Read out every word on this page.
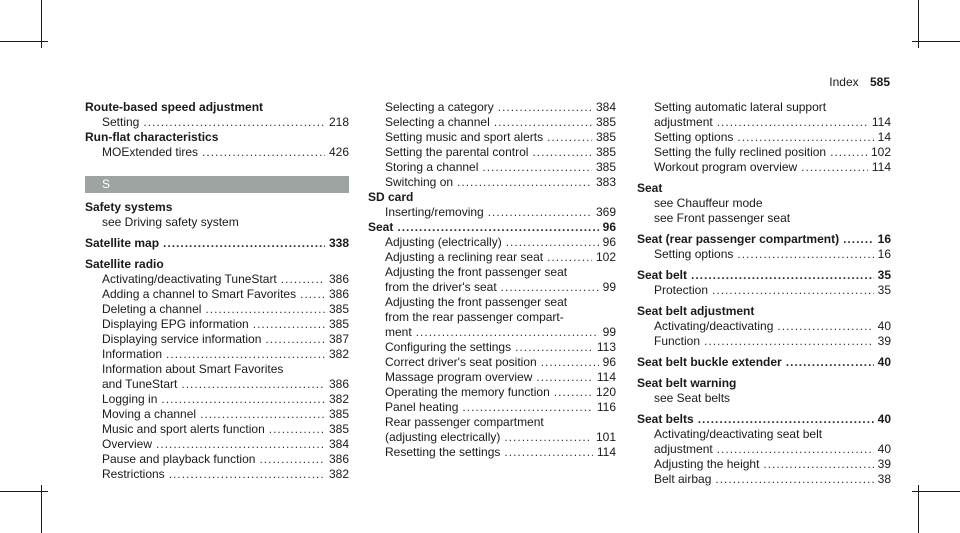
Index 585
Route-based speed adjustment
Setting .....	218
Run-flat characteristics
MOExtended tires .....	426
S
Safety systems
see Driving safety system
Satellite map .....	338
Satellite radio
Activating/deactivating TuneStart .....	386
Adding a channel to Smart Favorites .....	386
Deleting a channel .....	385
Displaying EPG information .....	385
Displaying service information .....	387
Information .....	382
Information about Smart Favorites
and TuneStart .....	386
Logging in .....	382
Moving a channel .....	385
Music and sport alerts function .....	385
Overview .....	384
Pause and playback function .....	386
Restrictions .....	382
Selecting a category .....	384
Selecting a channel .....	385
Setting music and sport alerts .....	385
Setting the parental control .....	385
Storing a channel .....	385
Switching on .....	383
SD card
Inserting/removing .....	369
Seat .....	96
Adjusting (electrically) .....	96
Adjusting a reclining rear seat .....	102
Adjusting the front passenger seat
from the driver's seat .....	99
Adjusting the front passenger seat
from the rear passenger compart-
ment .....	99
Configuring the settings .....	113
Correct driver's seat position .....	96
Massage program overview .....	114
Operating the memory function .....	120
Panel heating .....	116
Rear passenger compartment
(adjusting electrically) .....	101
Resetting the settings .....	114
Setting automatic lateral support
adjustment .....	114
Setting options .....	14
Setting the fully reclined position .....	102
Workout program overview .....	114
Seat
see Chauffeur mode
see Front passenger seat
Seat (rear passenger compartment) .....	16
Setting options .....	16
Seat belt .....	35
Protection .....	35
Seat belt adjustment
Activating/deactivating .....	40
Function .....	39
Seat belt buckle extender .....	40
Seat belt warning
see Seat belts
Seat belts .....	40
Activating/deactivating seat belt
adjustment .....	40
Adjusting the height .....	39
Belt airbag .....	38
